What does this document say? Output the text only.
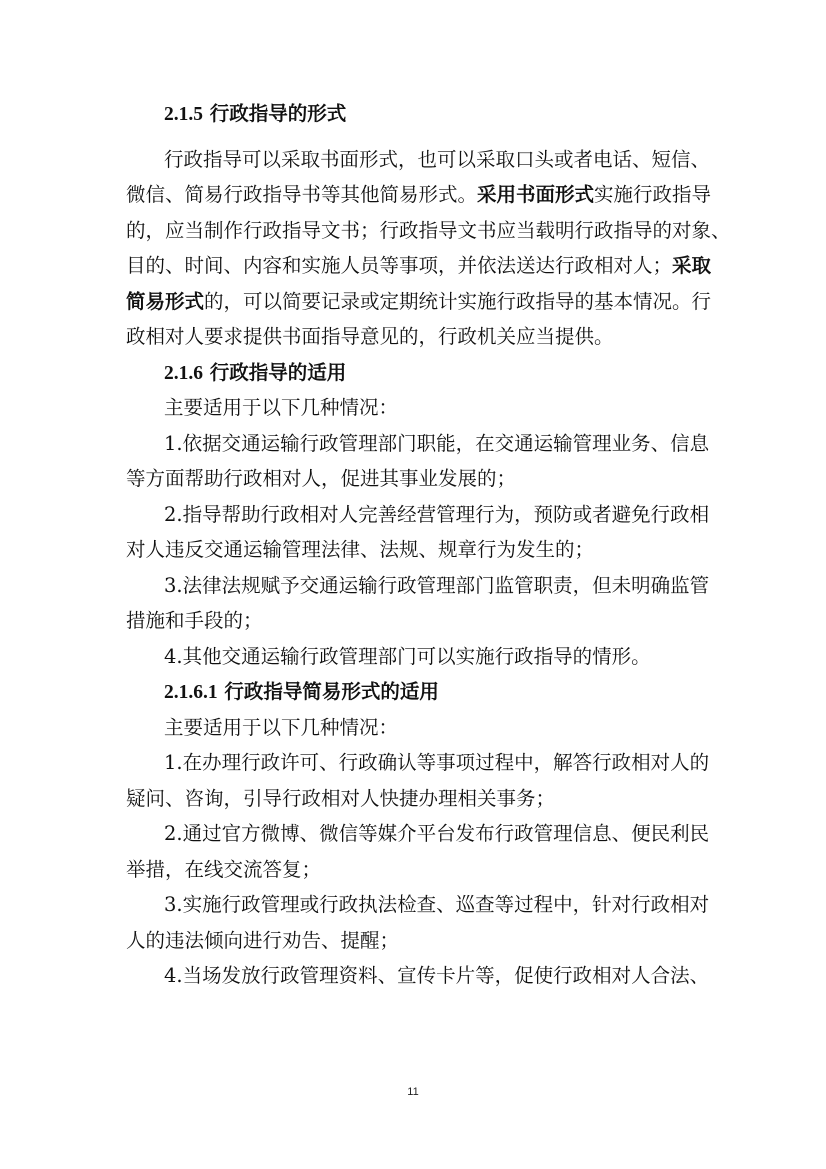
2.1.5 行政指导的形式
行政指导可以采取书面形式，也可以采取口头或者电话、短信、
微信、简易行政指导书等其他简易形式。采用书面形式实施行政指导
的，应当制作行政指导文书；行政指导文书应当载明行政指导的对象、
目的、时间、内容和实施人员等事项，并依法送达行政相对人；采取
简易形式的，可以简要记录或定期统计实施行政指导的基本情况。行
政相对人要求提供书面指导意见的，行政机关应当提供。
2.1.6 行政指导的适用
主要适用于以下几种情况：
1.依据交通运输行政管理部门职能，在交通运输管理业务、信息
等方面帮助行政相对人，促进其事业发展的；
2.指导帮助行政相对人完善经营管理行为，预防或者避免行政相
对人违反交通运输管理法律、法规、规章行为发生的；
3.法律法规赋予交通运输行政管理部门监管职责，但未明确监管
措施和手段的；
4.其他交通运输行政管理部门可以实施行政指导的情形。
2.1.6.1 行政指导简易形式的适用
主要适用于以下几种情况：
1.在办理行政许可、行政确认等事项过程中，解答行政相对人的
疑问、咨询，引导行政相对人快捷办理相关事务；
2.通过官方微博、微信等媒介平台发布行政管理信息、便民利民
举措，在线交流答复；
3.实施行政管理或行政执法检查、巡查等过程中，针对行政相对
人的违法倾向进行劝告、提醒；
4.当场发放行政管理资料、宣传卡片等，促使行政相对人合法、
11
